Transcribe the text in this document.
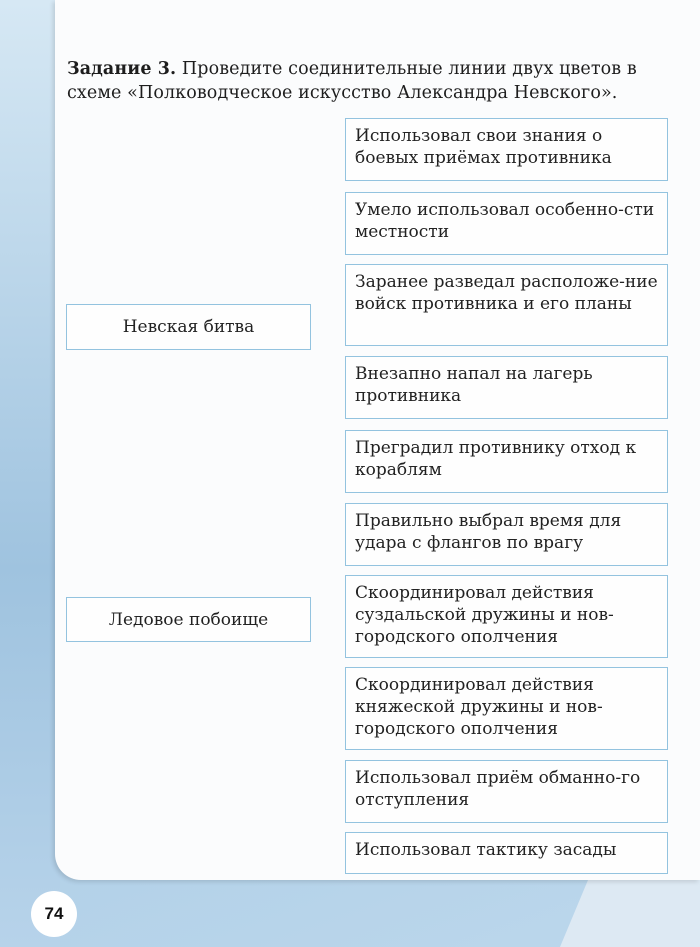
Задание 3. Проведите соединительные линии двух цветов в схеме «Полководческое искусство Александра Невского».
Невская битва
Ледовое побоище
Использовал свои знания о боевых приёмах противника
Умело использовал особенно-сти местности
Заранее разведал расположе-ние войск противника и его планы
Внезапно напал на лагерь противника
Преградил противнику отход к кораблям
Правильно выбрал время для удара с флангов по врагу
Скоординировал действия суздальской дружины и нов-городского ополчения
Скоординировал действия княжеской дружины и нов-городского ополчения
Использовал приём обманно-го отступления
Использовал тактику засады
74
